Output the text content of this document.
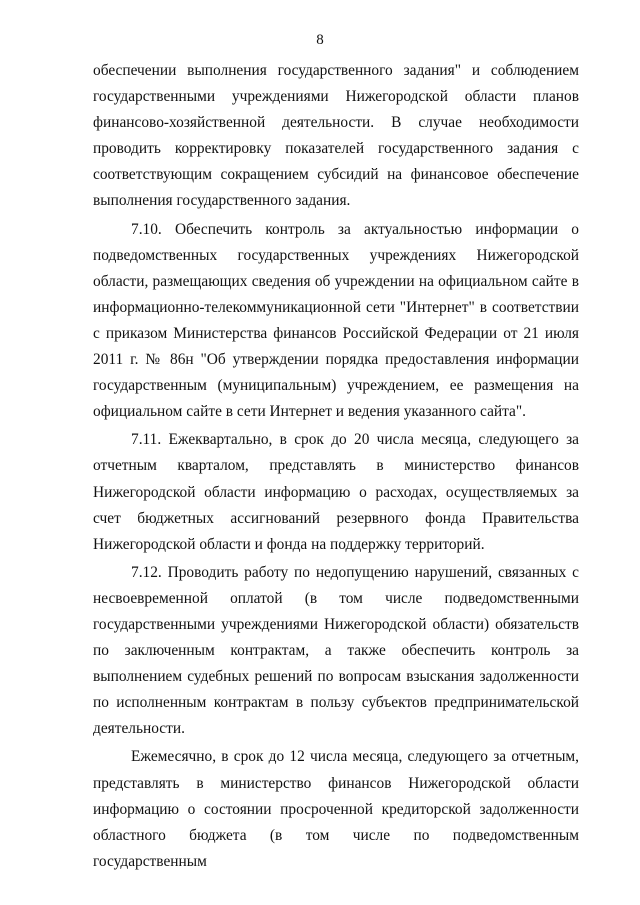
8

обеспечении выполнения государственного задания" и соблюдением государственными учреждениями Нижегородской области планов финансово-хозяйственной деятельности. В случае необходимости проводить корректировку показателей государственного задания с соответствующим сокращением субсидий на финансовое обеспечение выполнения государственного задания.

7.10. Обеспечить контроль за актуальностью информации о подведомственных государственных учреждениях Нижегородской области, размещающих сведения об учреждении на официальном сайте в информационно-телекоммуникационной сети "Интернет" в соответствии с приказом Министерства финансов Российской Федерации от 21 июля 2011 г. № 86н "Об утверждении порядка предоставления информации государственным (муниципальным) учреждением, ее размещения на официальном сайте в сети Интернет и ведения указанного сайта".

7.11. Ежеквартально, в срок до 20 числа месяца, следующего за отчетным кварталом, представлять в министерство финансов Нижегородской области информацию о расходах, осуществляемых за счет бюджетных ассигнований резервного фонда Правительства Нижегородской области и фонда на поддержку территорий.

7.12. Проводить работу по недопущению нарушений, связанных с несвоевременной оплатой (в том числе подведомственными государственными учреждениями Нижегородской области) обязательств по заключенным контрактам, а также обеспечить контроль за выполнением судебных решений по вопросам взыскания задолженности по исполненным контрактам в пользу субъектов предпринимательской деятельности.

Ежемесячно, в срок до 12 числа месяца, следующего за отчетным, представлять в министерство финансов Нижегородской области информацию о состоянии просроченной кредиторской задолженности областного бюджета (в том числе по подведомственным государственным
